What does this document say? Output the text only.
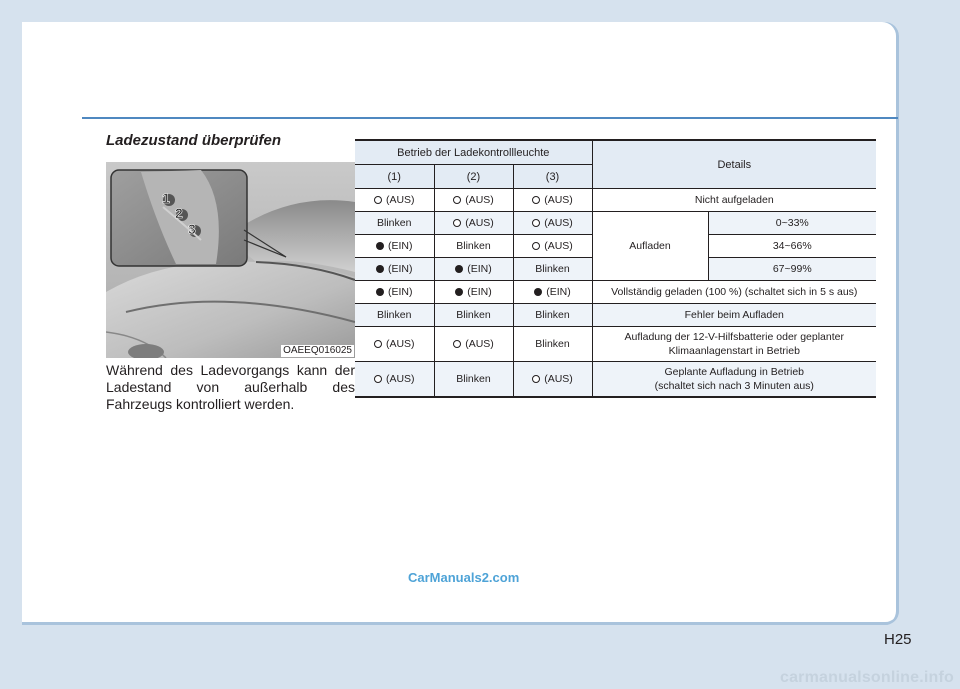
Ladezustand überprüfen
1
2
3
OAEEQ016025

Während des Ladevorgangs kann der Ladestand von außerhalb des Fahrzeugs kontrolliert werden.

Betrieb der Ladekontrollleuchte			Details	
(1)	(2)	(3)		
(AUS)	(AUS)	(AUS)	Nicht aufgeladen	
Blinken	(AUS)	(AUS)	Aufladen	0~33%
(EIN)	Blinken	(AUS)		34~66%
(EIN)	(EIN)	Blinken		67~99%
(EIN)	(EIN)	(EIN)	Vollständig geladen (100 %) (schaltet sich in 5 s aus)	
Blinken	Blinken	Blinken	Fehler beim Aufladen	
(AUS)	(AUS)	Blinken	Aufladung der 12-V-Hilfsbatterie oder geplanter
Klimaanlagenstart in Betrieb	
(AUS)	Blinken	(AUS)	Geplante Aufladung in Betrieb
(schaltet sich nach 3 Minuten aus)	
CarManuals2.com
H25
carmanualsonline.info
